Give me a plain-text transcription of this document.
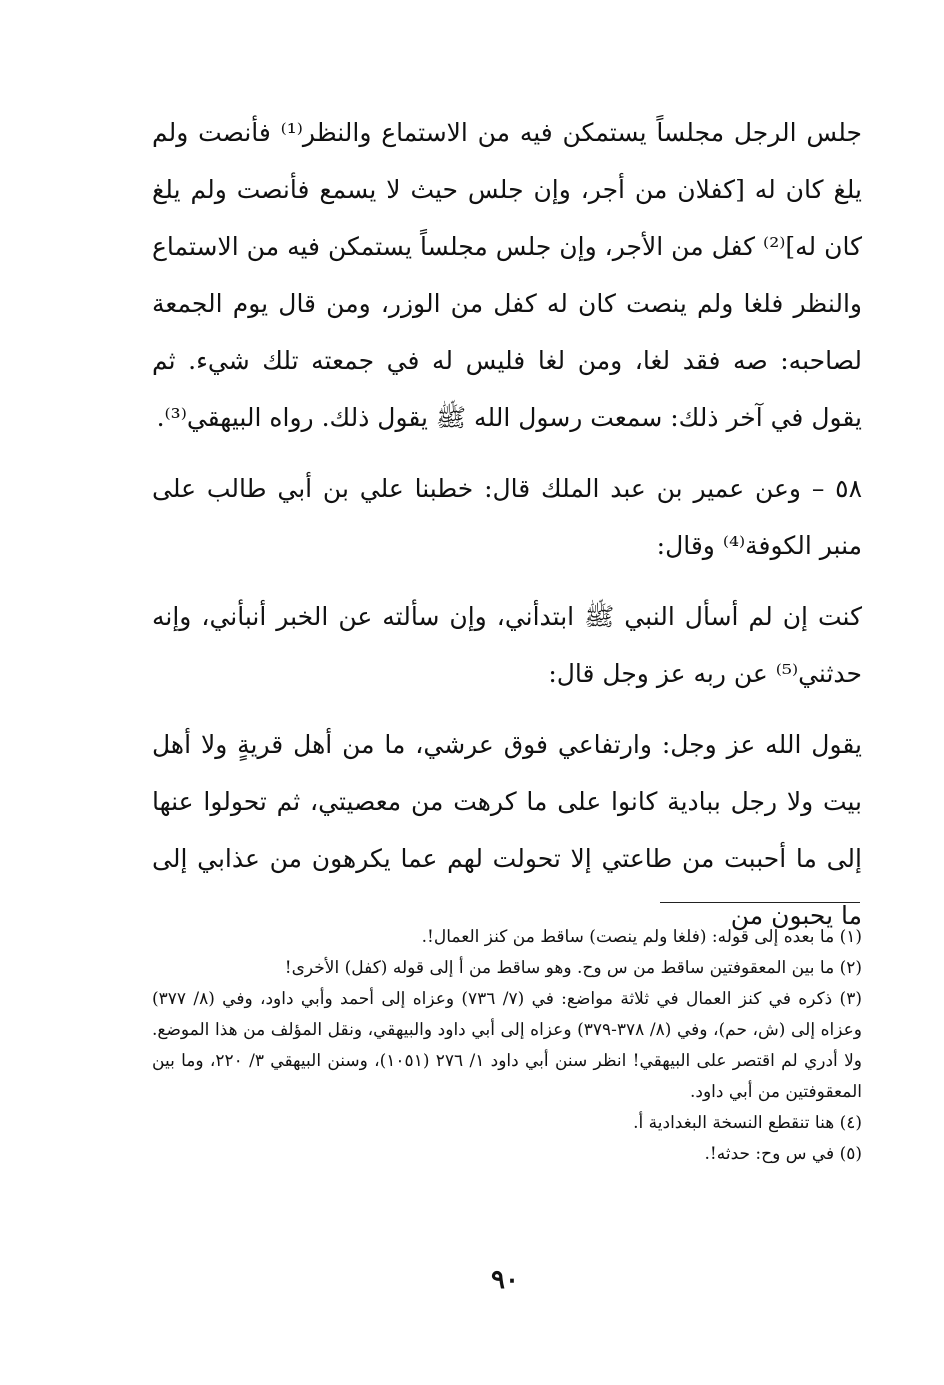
جلس الرجل مجلساً يستمكن فيه من الاستماع والنظر⁽¹⁾ فأنصت ولم يلغ كان له [كفلان من أجر، وإن جلس حيث لا يسمع فأنصت ولم يلغ كان له]⁽²⁾ كفل من الأجر، وإن جلس مجلساً يستمكن فيه من الاستماع والنظر فلغا ولم ينصت كان له كفل من الوزر، ومن قال يوم الجمعة لصاحبه: صه فقد لغا، ومن لغا فليس له في جمعته تلك شيء. ثم يقول في آخر ذلك: سمعت رسول الله ﷺ يقول ذلك. رواه البيهقي⁽³⁾.

٥٨ – وعن عمير بن عبد الملك قال: خطبنا علي بن أبي طالب على منبر الكوفة⁽⁴⁾ وقال:

كنت إن لم أسأل النبي ﷺ ابتدأني، وإن سألته عن الخبر أنبأني، وإنه حدثني⁽⁵⁾ عن ربه عز وجل قال:

يقول الله عز وجل: وارتفاعي فوق عرشي، ما من أهل قريةٍ ولا أهل بيت ولا رجل ببادية كانوا على ما كرهت من معصيتي، ثم تحولوا عنها إلى ما أحببت من طاعتي إلا تحولت لهم عما يكرهون من عذابي إلى ما يحبون من

(١) ما بعده إلى قوله: (فلغا ولم ينصت) ساقط من كنز العمال!.

(٢) ما بين المعقوفتين ساقط من س وح. وهو ساقط من أ إلى قوله (كفل) الأخرى!

(٣) ذكره في كنز العمال في ثلاثة مواضع: في (٧/ ٧٣٦) وعزاه إلى أحمد وأبي داود، وفي (٨/ ٣٧٧) وعزاه إلى (ش، حم)، وفي (٨/ ٣٧٨-٣٧٩) وعزاه إلى أبي داود والبيهقي، ونقل المؤلف من هذا الموضع. ولا أدري لم اقتصر على البيهقي! انظر سنن أبي داود ١/ ٢٧٦ (١٠٥١)، وسنن البيهقي ٣/ ٢٢٠، وما بين المعقوفتين من أبي داود.

(٤) هنا تنقطع النسخة البغدادية أ.

(٥) في س وح: حدثه!.

٩٠
